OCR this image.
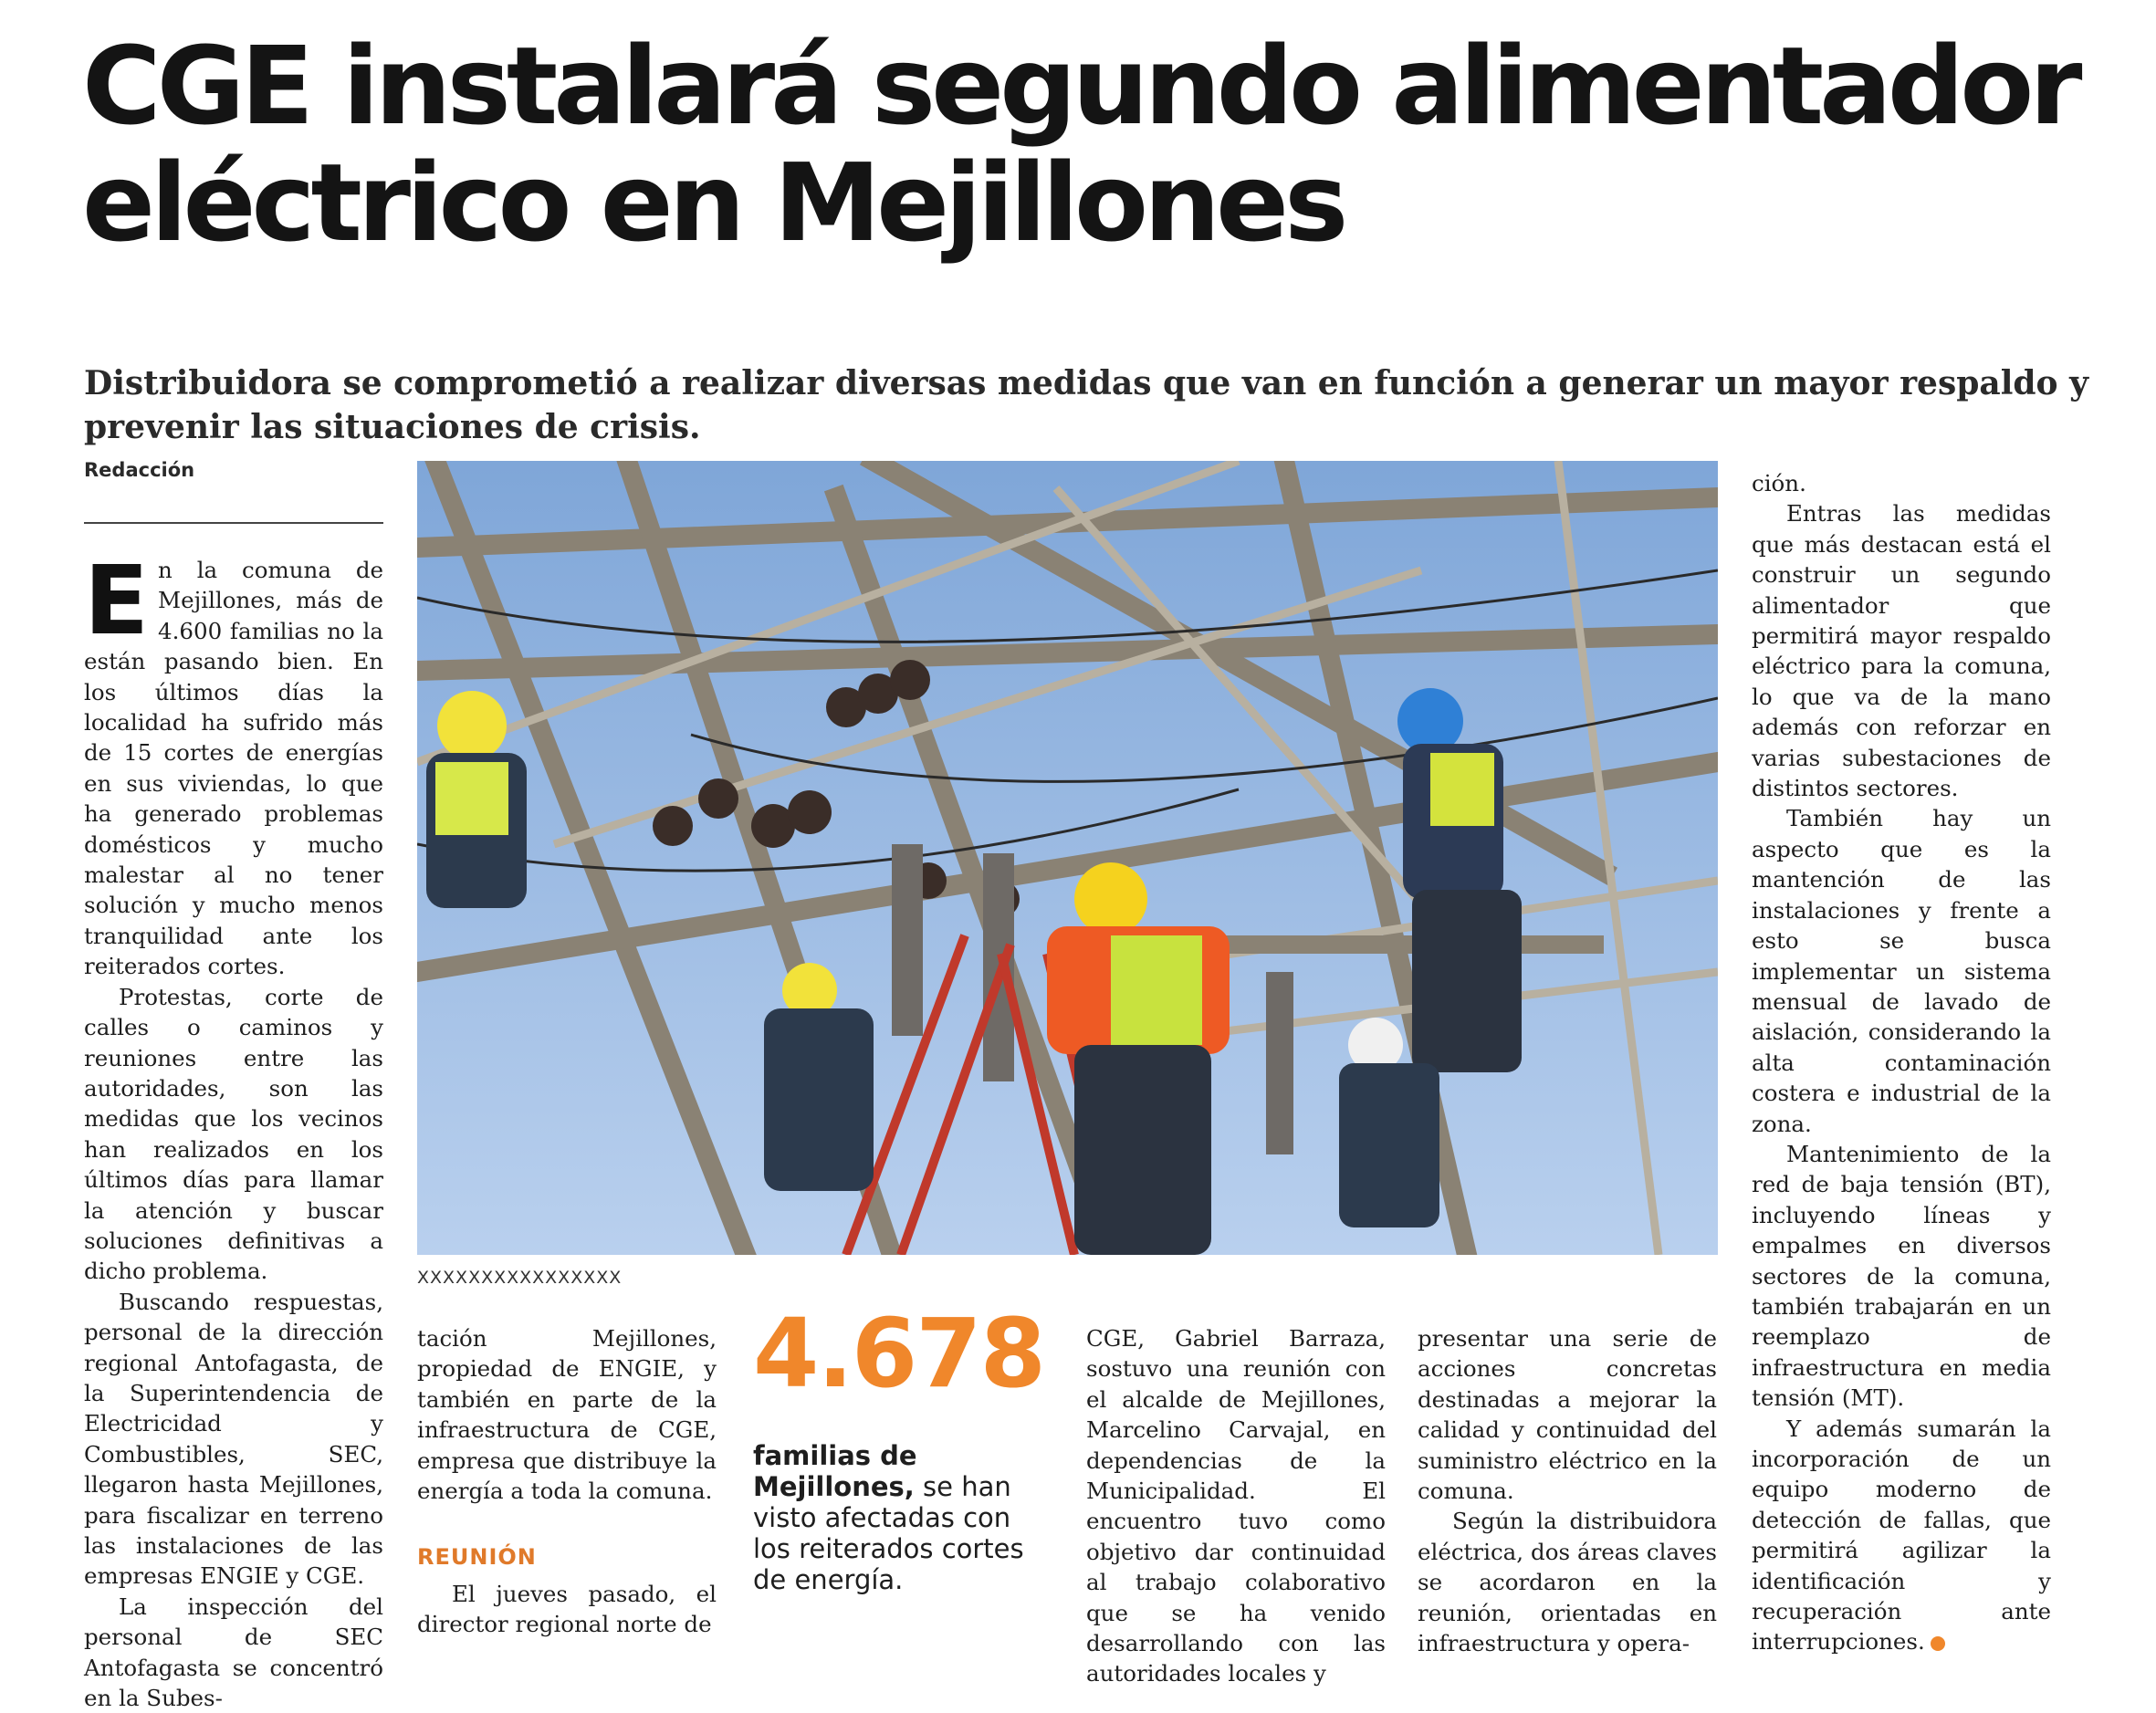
CGE instalará segundo alimentador
eléctrico en Mejillones
Distribuidora se comprometió a realizar diversas medidas que van en función a generar un mayor respaldo y prevenir las situaciones de crisis.
Redacción

En la comuna de Mejillones, más de 4.600 familias no la están pasando bien. En los últimos días la localidad ha sufrido más de 15 cortes de energías en sus viviendas, lo que ha generado problemas domésticos y mucho malestar al no tener solución y mucho menos tranquilidad ante los reiterados cortes.

Protestas, corte de calles o caminos y reuniones entre las autoridades, son las medidas que los vecinos han realizados en los últimos días para llamar la atención y buscar soluciones definitivas a dicho problema.

Buscando respuestas, personal de la dirección regional Antofagasta, de la Superintendencia de Electricidad y Combustibles, SEC, llegaron hasta Mejillones, para fiscalizar en terreno las instalaciones de las empresas ENGIE y CGE.

La inspección del personal de SEC Antofagasta se concentró en la Subes-

XXXXXXXXXXXXXXXX

tación Mejillones, propiedad de ENGIE, y también en parte de la infraestructura de CGE, empresa que distribuye la energía a toda la comuna.

REUNIÓN

El jueves pasado, el director regional norte de

4.678
familias de Mejillones, se han visto afectadas con los reiterados cortes de energía.

CGE, Gabriel Barraza, sostuvo una reunión con el alcalde de Mejillones, Marcelino Carvajal, en dependencias de la Municipalidad. El encuentro tuvo como objetivo dar continuidad al trabajo colaborativo que se ha venido desarrollando con las autoridades locales y

presentar una serie de acciones concretas destinadas a mejorar la calidad y continuidad del suministro eléctrico en la comuna.

Según la distribuidora eléctrica, dos áreas claves se acordaron en la reunión, orientadas en infraestructura y opera-

ción.

Entras las medidas que más destacan está el construir un segundo alimentador que permitirá mayor respaldo eléctrico para la comuna, lo que va de la mano además con reforzar en varias subestaciones de distintos sectores.

También hay un aspecto que es la mantención de las instalaciones y frente a esto se busca implementar un sistema mensual de lavado de aislación, considerando la alta contaminación costera e industrial de la zona.

Mantenimiento de la red de baja tensión (BT), incluyendo líneas y empalmes en diversos sectores de la comuna, también trabajarán en un reemplazo de infraestructura en media tensión (MT).

Y además sumarán la incorporación de un equipo moderno de detección de fallas, que permitirá agilizar la identificación y recuperación ante interrupciones.
